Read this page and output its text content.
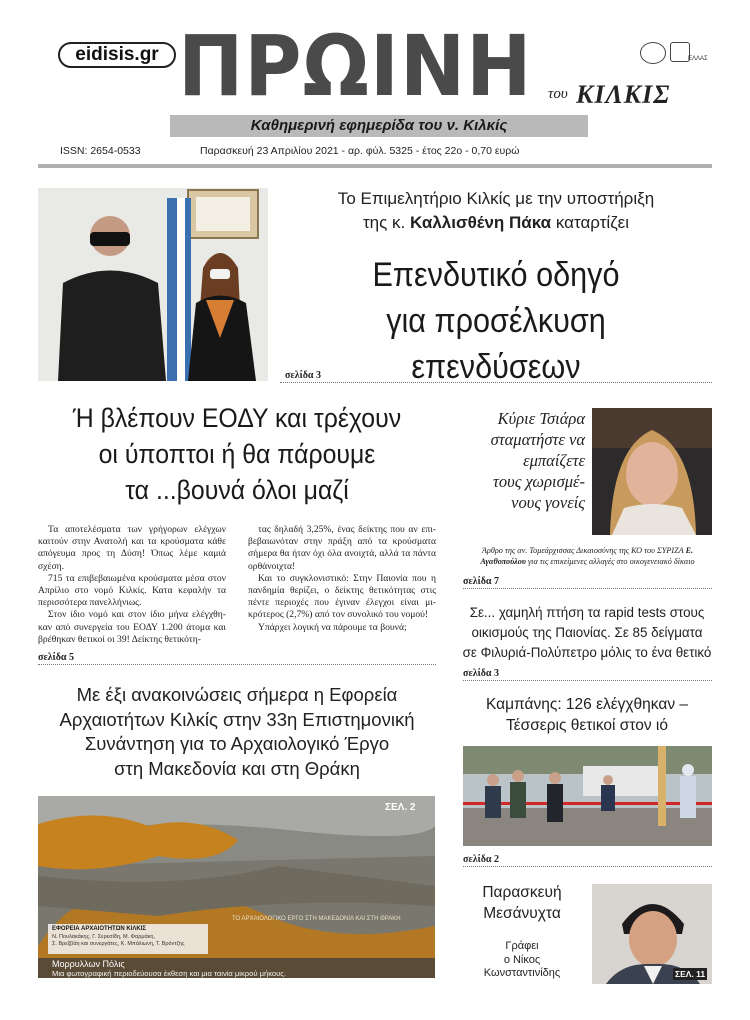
eidisis.gr ΠΡΩΙΝΗ	του ΚΙΛΚΙΣ
ΕΛΛΑΣ
Καθημερινή εφημερίδα του ν. Κιλκίς
ISSN: 2654-0533	Παρασκευή 23 Απριλίου 2021 - αρ. φύλ. 5325 - έτος 22ο - 0,70 ευρώ
Το Επιμελητήριο Κιλκίς με την υποστήριξη
της κ. Καλλισθένη Πάκα καταρτίζει
Επενδυτικό οδηγό
για προσέλκυση επενδύσεων
σελίδα 3
Ή βλέπουν ΕΟΔΥ και τρέχουν
οι ύποπτοι ή θα πάρουμε
τα ...βουνά όλοι μαζί

Τα αποτελέσματα των γρήγορων ελέγχων καιτούν στην Ανατολή και τα κρούσματα κάθε απόγευμα προς τη Δύση! Όπως λέμε καμιά σχέση.

715 τα επιβεβαιωμένα κρούσματα μέσα στον Απρίλιο στο νομό Κιλκίς. Κατα κεφαλήν τα περισσότερα πανελλήνιως.

Στον ίδιο νομό και στον ίδιο μήνα ελέγχθη- καν από συνεργεία του ΕΟΔΥ 1.200 άτομα και βρέθηκαν θετικοί οι 39! Δείκτης θετικότη-

τας δηλαδή 3,25%, ένας δείκτης που αν επι- βεβαιωνόταν στην πράξη από τα κρούσματα σήμερα θα ήταν όχι όλα ανοιχτά, αλλά τα πάντα ορθάνοιχτα!

Και το συγκλονιστικό: Στην Παιονία που η πανδημία θερίζει, ο δείκτης θετικότητας στις πέντε περιοχές που έγιναν έλεγχοι είναι μι- κρότερος (2,7%) από τον συνολικό του νομού!

Υπάρχει λογική να πάρουμε τα βουνά;

σελίδα 5
Κύριε Τσιάρα
σταματήστε να
εμπαίζετε
τους χωρισμέ-
νους γονείς
Άρθρο της αν. Τομεάρχισσας Δικαιοσύνης της ΚΟ του ΣΥΡΙΖΑ Ε. Αγαθοπούλου για τις επικείμενες αλλαγές στο οικογενειακό δίκαιο
σελίδα 7
Σε... χαμηλή πτήση τα rapid tests στους
οικισμούς της Παιονίας. Σε 85 δείγματα
σε Φιλυριά-Πολύπετρο μόλις το ένα θετικό
σελίδα 3
Καμπάνης: 126 ελέγχθηκαν –
Τέσσερις θετικοί στον ιό
σελίδα 2
Με έξι ανακοινώσεις σήμερα η Εφορεία
Αρχαιοτήτων Κιλκίς στην 33η Επιστημονική
Συνάντηση για το Αρχαιολογικό Έργο
στη Μακεδονία και στη Θράκη
ΣΕΛ. 2
ΤΟ ΑΡΧΑΙΟΛΟΓΙΚΟ ΕΡΓΟ ΣΤΗ ΜΑΚΕΔΟΝΙΑ ΚΑΙ ΣΤΗ ΘΡΑΚΗ
ΕΦΟΡΕΙΑ ΑΡΧΑΙΟΤΗΤΩΝ ΚΙΛΚΙΣ
Ν. Πουλακάκης, Γ. Σερεσίδη, Μ. Φαρμάκη,
Σ. Βρεξβάη και συνεργάτες, Κ. Μπάλιωνη, Τ. Βρόντζης
Μορρυλλων Πόλις
Μια φωτογραφική περιοδεύουσα έκθεση και μια ταινία μικρού μήκους.
Παρασκευή
Μεσάνυχτα
Γράφει
ο Νίκος
Κωνσταντινίδης	ΣΕΛ. 11
